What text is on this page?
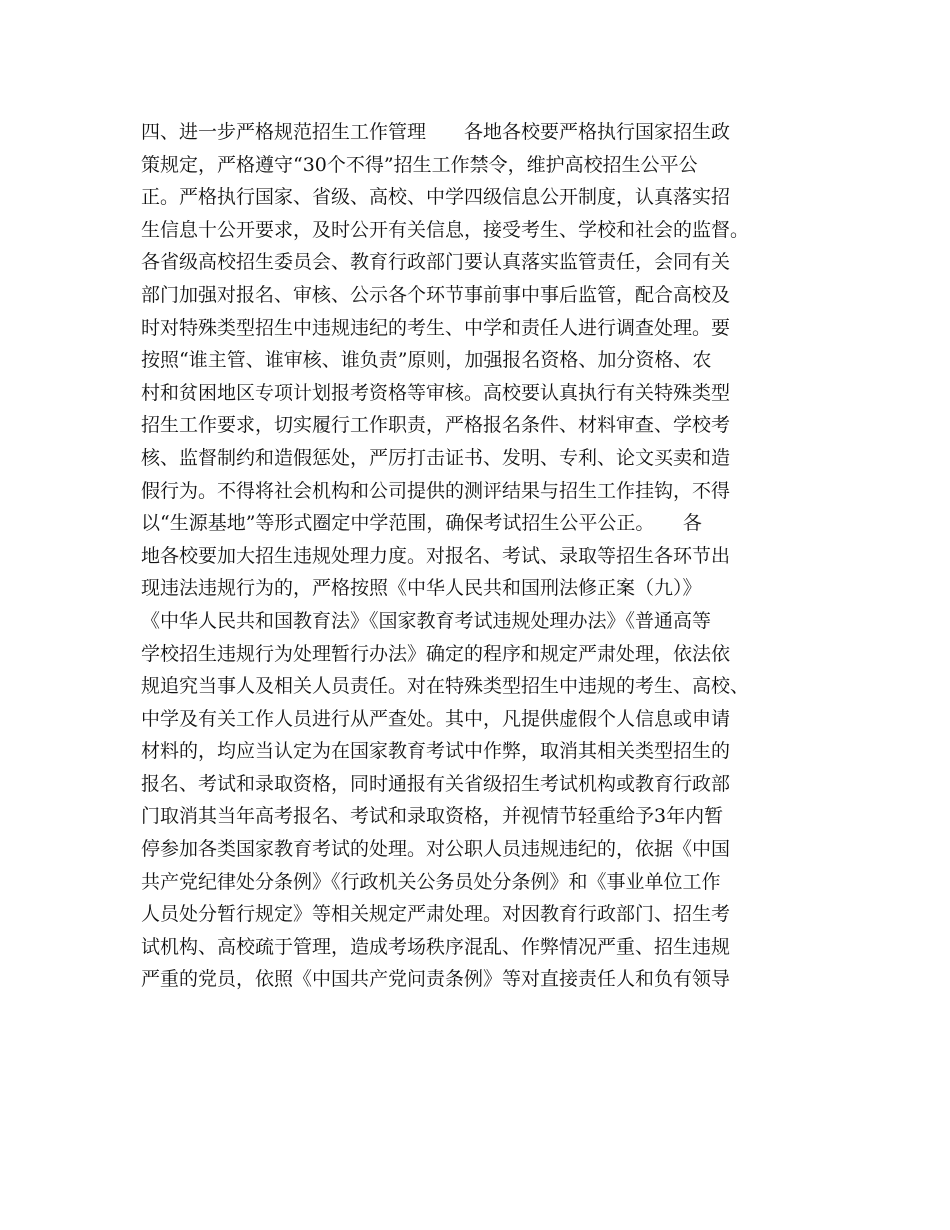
四、进一步严格规范招生工作管理　　各地各校要严格执行国家招生政
策规定，严格遵守“30个不得”招生工作禁令，维护高校招生公平公
正。严格执行国家、省级、高校、中学四级信息公开制度，认真落实招
生信息十公开要求，及时公开有关信息，接受考生、学校和社会的监督。
各省级高校招生委员会、教育行政部门要认真落实监管责任，会同有关
部门加强对报名、审核、公示各个环节事前事中事后监管，配合高校及
时对特殊类型招生中违规违纪的考生、中学和责任人进行调查处理。要
按照“谁主管、谁审核、谁负责”原则，加强报名资格、加分资格、农
村和贫困地区专项计划报考资格等审核。高校要认真执行有关特殊类型
招生工作要求，切实履行工作职责，严格报名条件、材料审查、学校考
核、监督制约和造假惩处，严厉打击证书、发明、专利、论文买卖和造
假行为。不得将社会机构和公司提供的测评结果与招生工作挂钩，不得
以“生源基地”等形式圈定中学范围，确保考试招生公平公正。　　各
地各校要加大招生违规处理力度。对报名、考试、录取等招生各环节出
现违法违规行为的，严格按照《中华人民共和国刑法修正案（九）》
《中华人民共和国教育法》《国家教育考试违规处理办法》《普通高等
学校招生违规行为处理暂行办法》确定的程序和规定严肃处理，依法依
规追究当事人及相关人员责任。对在特殊类型招生中违规的考生、高校、
中学及有关工作人员进行从严查处。其中，凡提供虚假个人信息或申请
材料的，均应当认定为在国家教育考试中作弊，取消其相关类型招生的
报名、考试和录取资格，同时通报有关省级招生考试机构或教育行政部
门取消其当年高考报名、考试和录取资格，并视情节轻重给予3年内暂
停参加各类国家教育考试的处理。对公职人员违规违纪的，依据《中国
共产党纪律处分条例》《行政机关公务员处分条例》和《事业单位工作
人员处分暂行规定》等相关规定严肃处理。对因教育行政部门、招生考
试机构、高校疏于管理，造成考场秩序混乱、作弊情况严重、招生违规
严重的党员，依照《中国共产党问责条例》等对直接责任人和负有领导
